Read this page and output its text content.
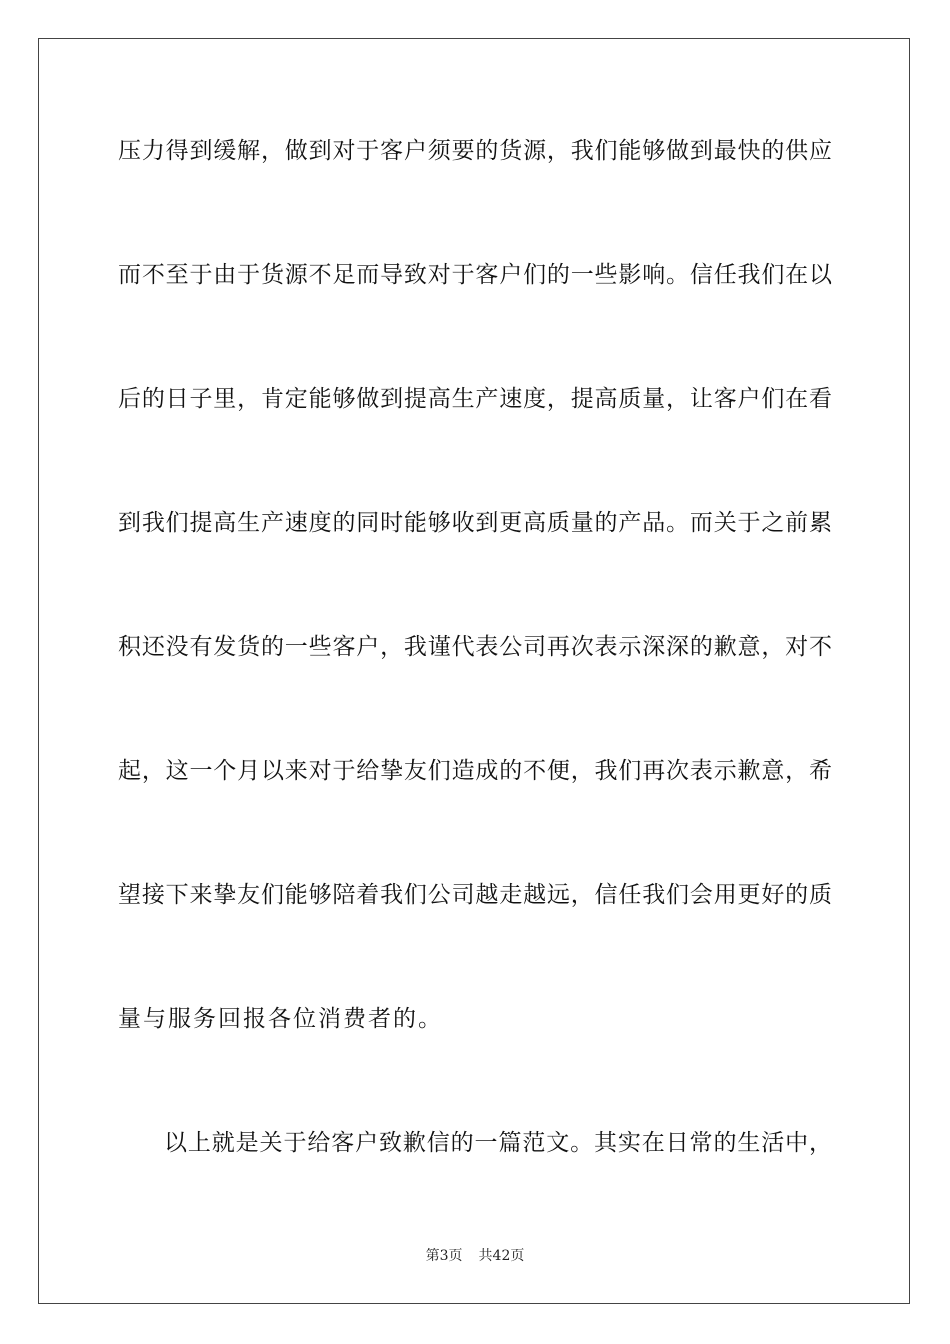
压力得到缓解，做到对于客户须要的货源，我们能够做到最快的供应
而不至于由于货源不足而导致对于客户们的一些影响。信任我们在以
后的日子里，肯定能够做到提高生产速度，提高质量，让客户们在看
到我们提高生产速度的同时能够收到更高质量的产品。而关于之前累
积还没有发货的一些客户，我谨代表公司再次表示深深的歉意，对不
起，这一个月以来对于给挚友们造成的不便，我们再次表示歉意，希
望接下来挚友们能够陪着我们公司越走越远，信任我们会用更好的质
量与服务回报各位消费者的。
以上就是关于给客户致歉信的一篇范文。其实在日常的生活中，
第3页 共42页
